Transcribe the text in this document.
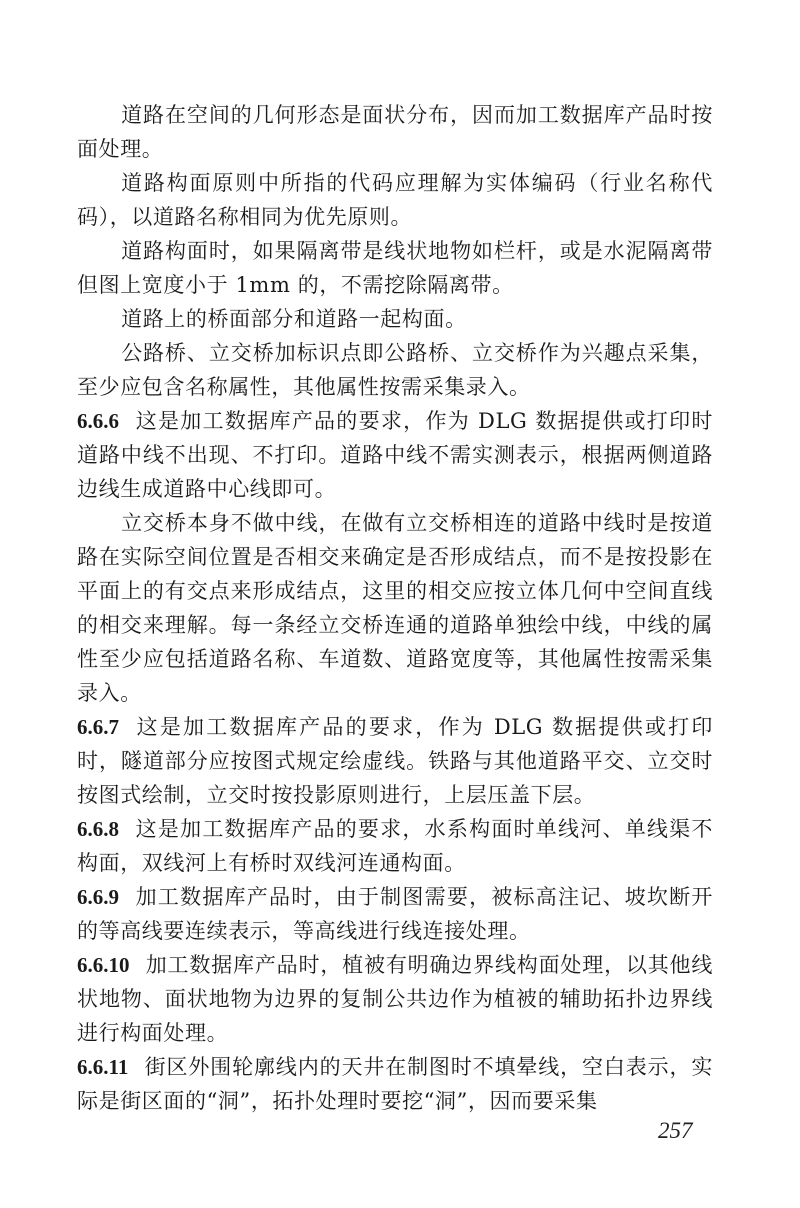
道路在空间的几何形态是面状分布，因而加工数据库产品时按面处理。

道路构面原则中所指的代码应理解为实体编码（行业名称代码），以道路名称相同为优先原则。

道路构面时，如果隔离带是线状地物如栏杆，或是水泥隔离带但图上宽度小于 1mm 的，不需挖除隔离带。

道路上的桥面部分和道路一起构面。

公路桥、立交桥加标识点即公路桥、立交桥作为兴趣点采集，至少应包含名称属性，其他属性按需采集录入。

6.6.6 这是加工数据库产品的要求，作为 DLG 数据提供或打印时道路中线不出现、不打印。道路中线不需实测表示，根据两侧道路边线生成道路中心线即可。

立交桥本身不做中线，在做有立交桥相连的道路中线时是按道路在实际空间位置是否相交来确定是否形成结点，而不是按投影在平面上的有交点来形成结点，这里的相交应按立体几何中空间直线的相交来理解。每一条经立交桥连通的道路单独绘中线，中线的属性至少应包括道路名称、车道数、道路宽度等，其他属性按需采集录入。

6.6.7 这是加工数据库产品的要求，作为 DLG 数据提供或打印时，隧道部分应按图式规定绘虚线。铁路与其他道路平交、立交时按图式绘制，立交时按投影原则进行，上层压盖下层。

6.6.8 这是加工数据库产品的要求，水系构面时单线河、单线渠不构面，双线河上有桥时双线河连通构面。

6.6.9 加工数据库产品时，由于制图需要，被标高注记、坡坎断开的等高线要连续表示，等高线进行线连接处理。

6.6.10 加工数据库产品时，植被有明确边界线构面处理，以其他线状地物、面状地物为边界的复制公共边作为植被的辅助拓扑边界线进行构面处理。

6.6.11 街区外围轮廓线内的天井在制图时不填晕线，空白表示，实际是街区面的“洞”，拓扑处理时要挖“洞”，因而要采集

257
